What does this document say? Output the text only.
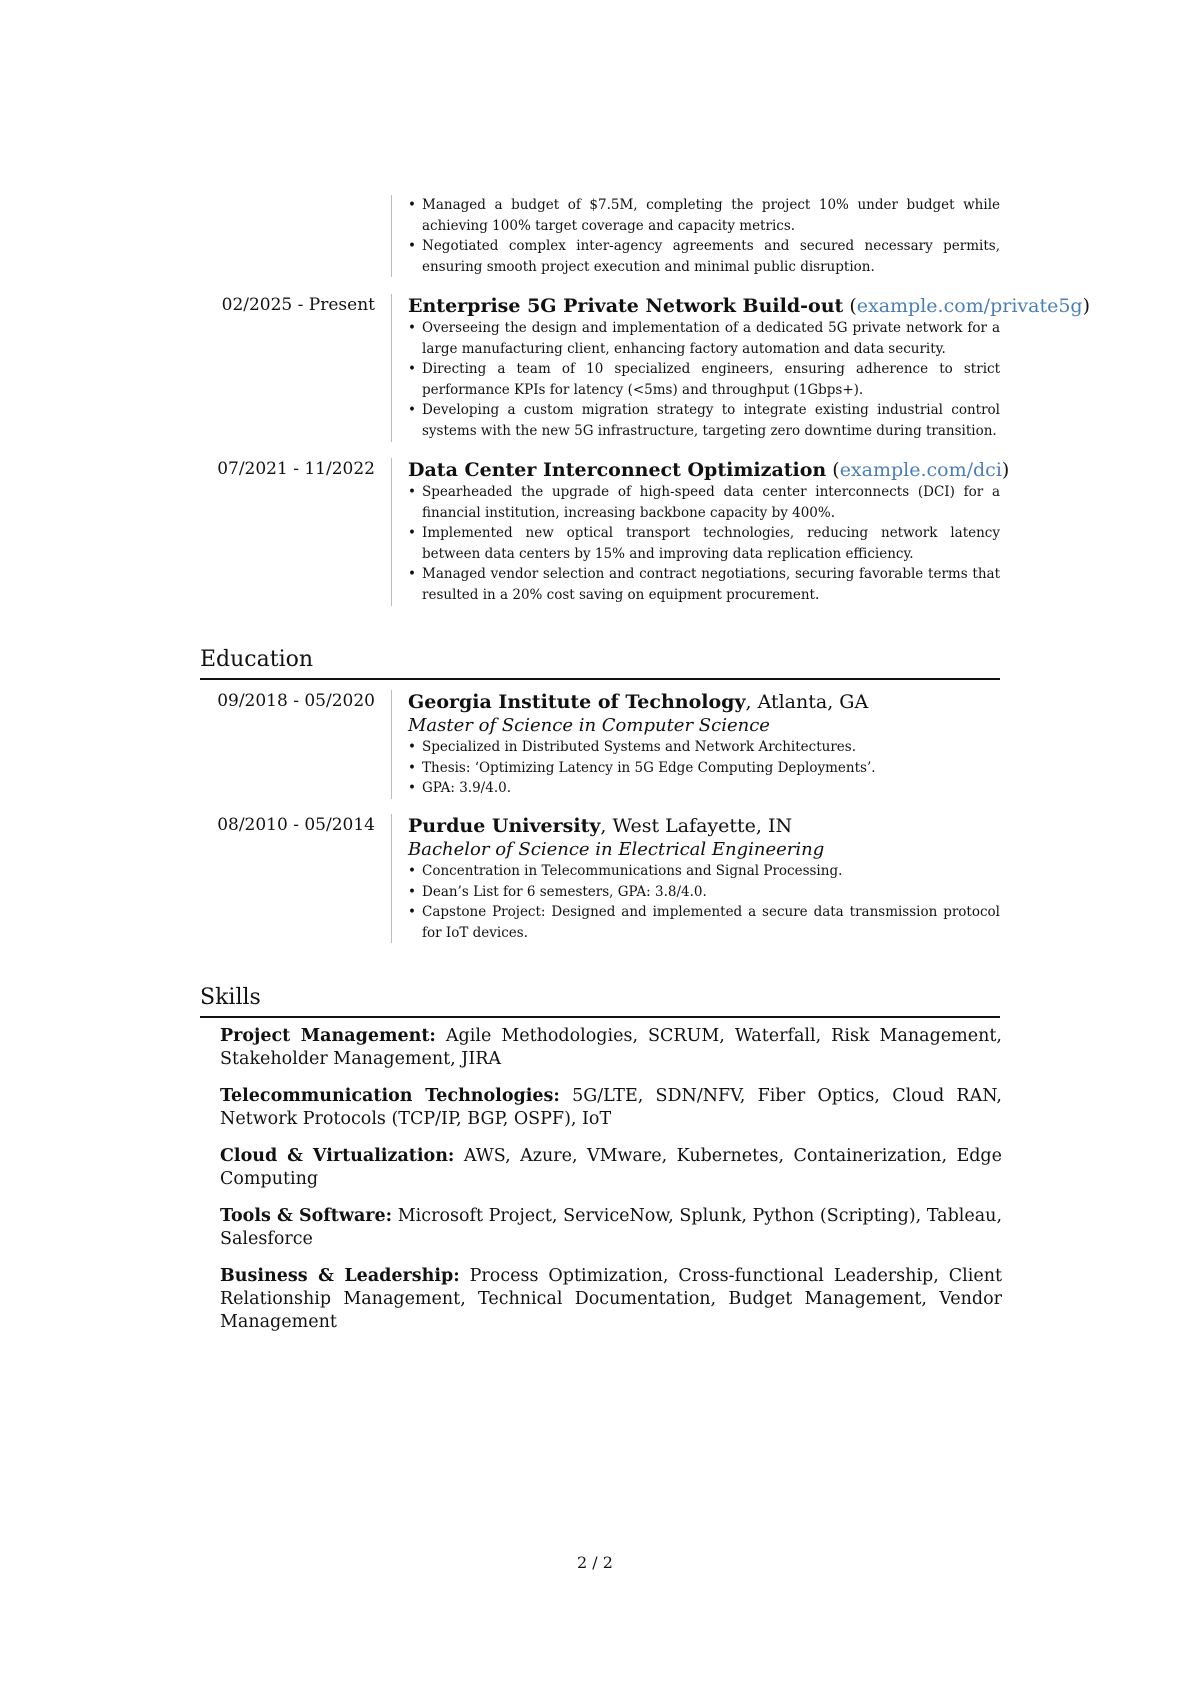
• Managed a budget of $7.5M, completing the project 10% under budget while achieving 100% target coverage and capacity metrics.
• Negotiated complex inter-agency agreements and secured necessary permits, ensuring smooth project execution and minimal public disruption.
02/2025 - Present Enterprise 5G Private Network Build-out (example.com/private5g)

• Overseeing the design and implementation of a dedicated 5G private network for a large manufacturing client, enhancing factory automation and data security.
• Directing a team of 10 specialized engineers, ensuring adherence to strict performance KPIs for latency (<5ms) and throughput (1Gbps+).
• Developing a custom migration strategy to integrate existing industrial control systems with the new 5G infrastructure, targeting zero downtime during transition.
07/2021 - 11/2022 Data Center Interconnect Optimization (example.com/dci)

• Spearheaded the upgrade of high-speed data center interconnects (DCI) for a financial institution, increasing backbone capacity by 400%.
• Implemented new optical transport technologies, reducing network latency between data centers by 15% and improving data replication efficiency.
• Managed vendor selection and contract negotiations, securing favorable terms that resulted in a 20% cost saving on equipment procurement.
Education
09/2018 - 05/2020 Georgia Institute of Technology, Atlanta, GA

Master of Science in Computer Science

• Specialized in Distributed Systems and Network Architectures.
• Thesis: ‘Optimizing Latency in 5G Edge Computing Deployments’.
• GPA: 3.9/4.0.
08/2010 - 05/2014 Purdue University, West Lafayette, IN

Bachelor of Science in Electrical Engineering

• Concentration in Telecommunications and Signal Processing.
• Dean’s List for 6 semesters, GPA: 3.8/4.0.
• Capstone Project: Designed and implemented a secure data transmission protocol for IoT devices.
Skills

Project Management: Agile Methodologies, SCRUM, Waterfall, Risk Management, Stakeholder Management, JIRA

Telecommunication Technologies: 5G/LTE, SDN/NFV, Fiber Optics, Cloud RAN, Network Protocols (TCP/IP, BGP, OSPF), IoT

Cloud & Virtualization: AWS, Azure, VMware, Kubernetes, Containerization, Edge Computing

Tools & Software: Microsoft Project, ServiceNow, Splunk, Python (Scripting), Tableau, Salesforce

Business & Leadership: Process Optimization, Cross-functional Leadership, Client Relationship Management, Technical Documentation, Budget Management, Vendor Management

2 / 2
